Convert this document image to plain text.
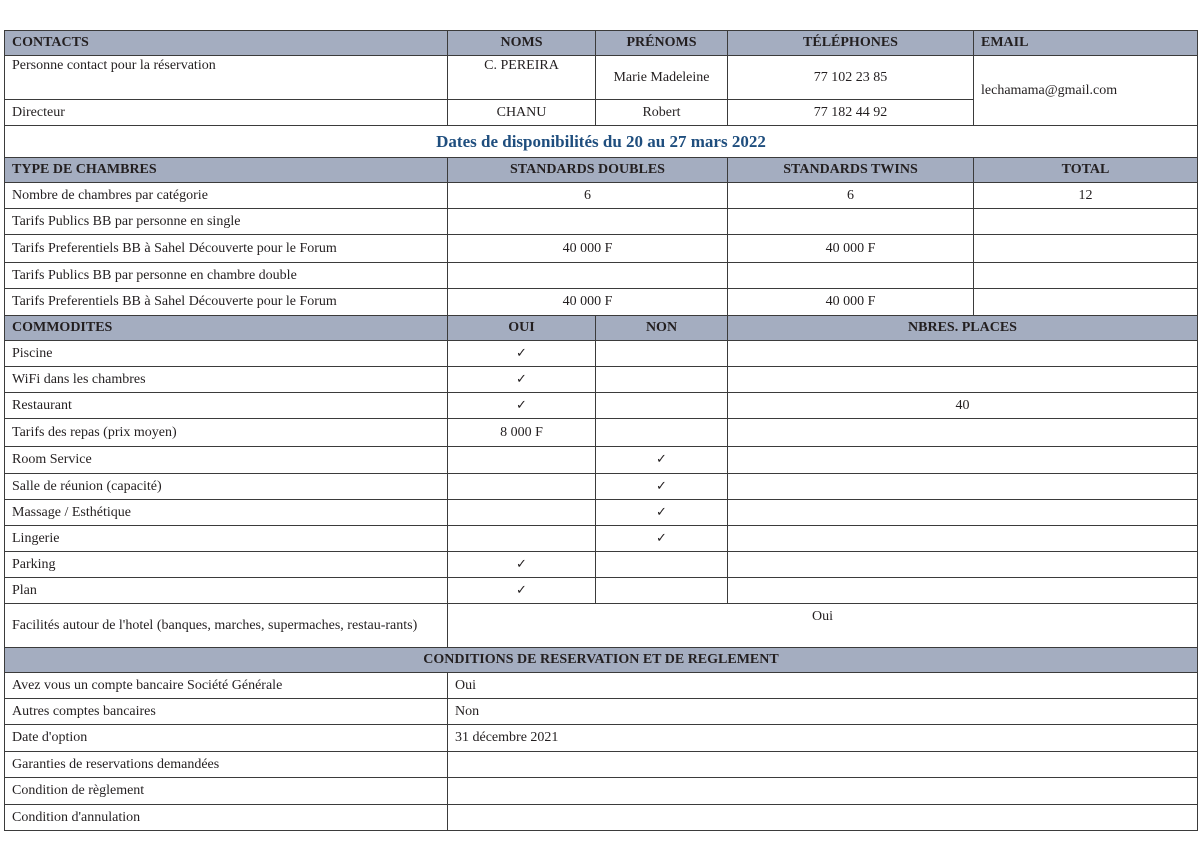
CONTACTS	NOMS	PRÉNOMS	TÉLÉPHONES	EMAIL
Personne contact pour la réservation	C. PEREIRA	Marie Madeleine	77 102 23 85	lechamama@gmail.com
Directeur	CHANU	Robert	77 182 44 92	
Dates de disponibilités du 20 au 27 mars 2022				
TYPE DE CHAMBRES	STANDARDS DOUBLES		STANDARDS TWINS	TOTAL
Nombre de chambres par catégorie	6		6	12
Tarifs Publics BB par personne en single				
Tarifs Preferentiels BB à Sahel Découverte pour le Forum	40 000 F		40 000 F	
Tarifs Publics BB par personne en chambre double				
Tarifs Preferentiels BB à Sahel Découverte pour le Forum	40 000 F		40 000 F	
COMMODITES	OUI	NON	NBRES. PLACES	
Piscine	✓			
WiFi dans les chambres	✓			
Restaurant	✓		40	
Tarifs des repas (prix moyen)	8 000 F			
Room Service		✓		
Salle de réunion (capacité)		✓		
Massage / Esthétique		✓		
Lingerie		✓		
Parking	✓			
Plan	✓			
Facilités autour de l'hotel (banques, marches, supermaches, restau-rants)	Oui			
CONDITIONS DE RESERVATION ET DE REGLEMENT				
Avez vous un compte bancaire Société Générale	Oui			
Autres comptes bancaires	Non			
Date d'option	31 décembre 2021			
Garanties de reservations demandées				
Condition de règlement				
Condition d'annulation				
